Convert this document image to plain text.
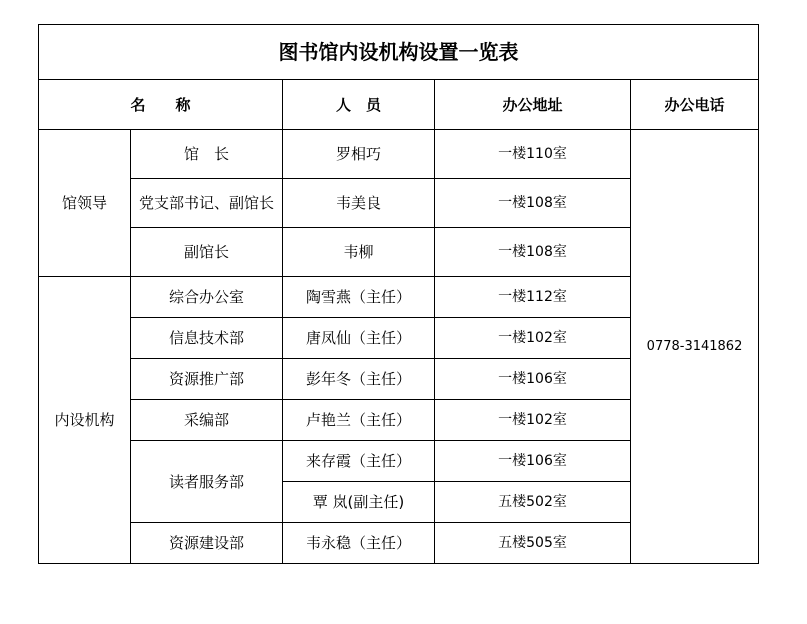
图书馆内设机构设置一览表				
名　　称		人　员	办公地址	办公电话
馆领导	馆　长	罗相巧	一楼110室	0778-3141862
	党支部书记、副馆长	韦美良	一楼108室	
	副馆长	韦柳	一楼108室	
内设机构	综合办公室	陶雪燕（主任）	一楼112室	
	信息技术部	唐凤仙（主任）	一楼102室	
	资源推广部	彭年冬（主任）	一楼106室	
	采编部	卢艳兰（主任）	一楼102室	
	读者服务部	来存霞（主任）	一楼106室	
		覃 岚(副主任)	五楼502室	
	资源建设部	韦永稳（主任）	五楼505室	
